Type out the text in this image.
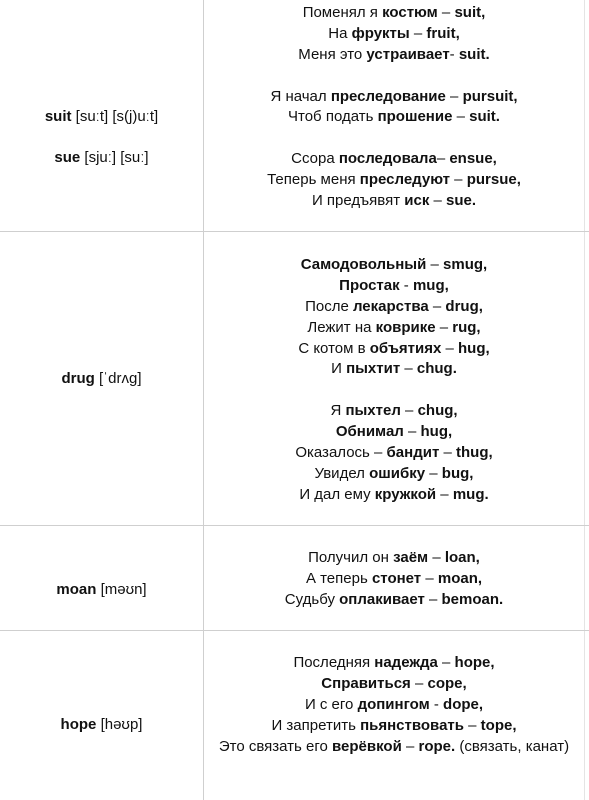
suit [suːt] [s(j)uːt]
sue [sjuː] [suː]
Поменял я костюм – suit,
На фрукты – fruit,
Меня это устраивает- suit.
Я начал преследование – pursuit,
Чтоб подать прошение – suit.
Ссора последовала– ensue,
Теперь меня преследуют – pursue,
И предъявят иск – sue.
drug [ˈdrʌg]
Самодовольный – smug,
Простак - mug,
После лекарства – drug,
Лежит на коврике – rug,
С котом в объятиях – hug,
И пыхтит – chug.
Я пыхтел – chug,
Обнимал – hug,
Оказалось – бандит – thug,
Увидел ошибку – bug,
И дал ему кружкой – mug.
moan [məʊn]
Получил он заём – loan,
А теперь стонет – moan,
Судьбу оплакивает – bemoan.
hope [həʊp]
Последняя надежда – hope,
Справиться – cope,
И с его допингом - dope,
И запретить пьянствовать – tope,
Это связать его верёвкой – rope. (связать, канат)
